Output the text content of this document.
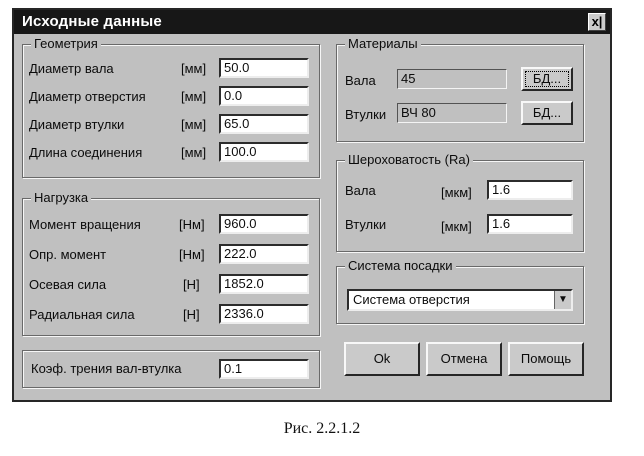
Исходные данные	x|
Геометрия
Диаметр вала	[мм]	50.0
Диаметр отверстия	[мм]	0.0
Диаметр втулки	[мм]	65.0
Длина соединения	[мм]	100.0
Нагрузка
Момент вращения	[Нм]	960.0
Опр. момент	[Нм]	222.0
Осевая сила	[Н]	1852.0
Радиальная сила	[Н]	2336.0
Коэф. трения вал-втулка	0.1
Материалы
Вала	45	БД...
Втулки	ВЧ 80	БД...
Шероховатость (Ra)
Вала	[мкм]	1.6
Втулки	[мкм]	1.6
Система посадки
Система отверстия	▼
Ok	Отмена	Помощь
Рис. 2.2.1.2
